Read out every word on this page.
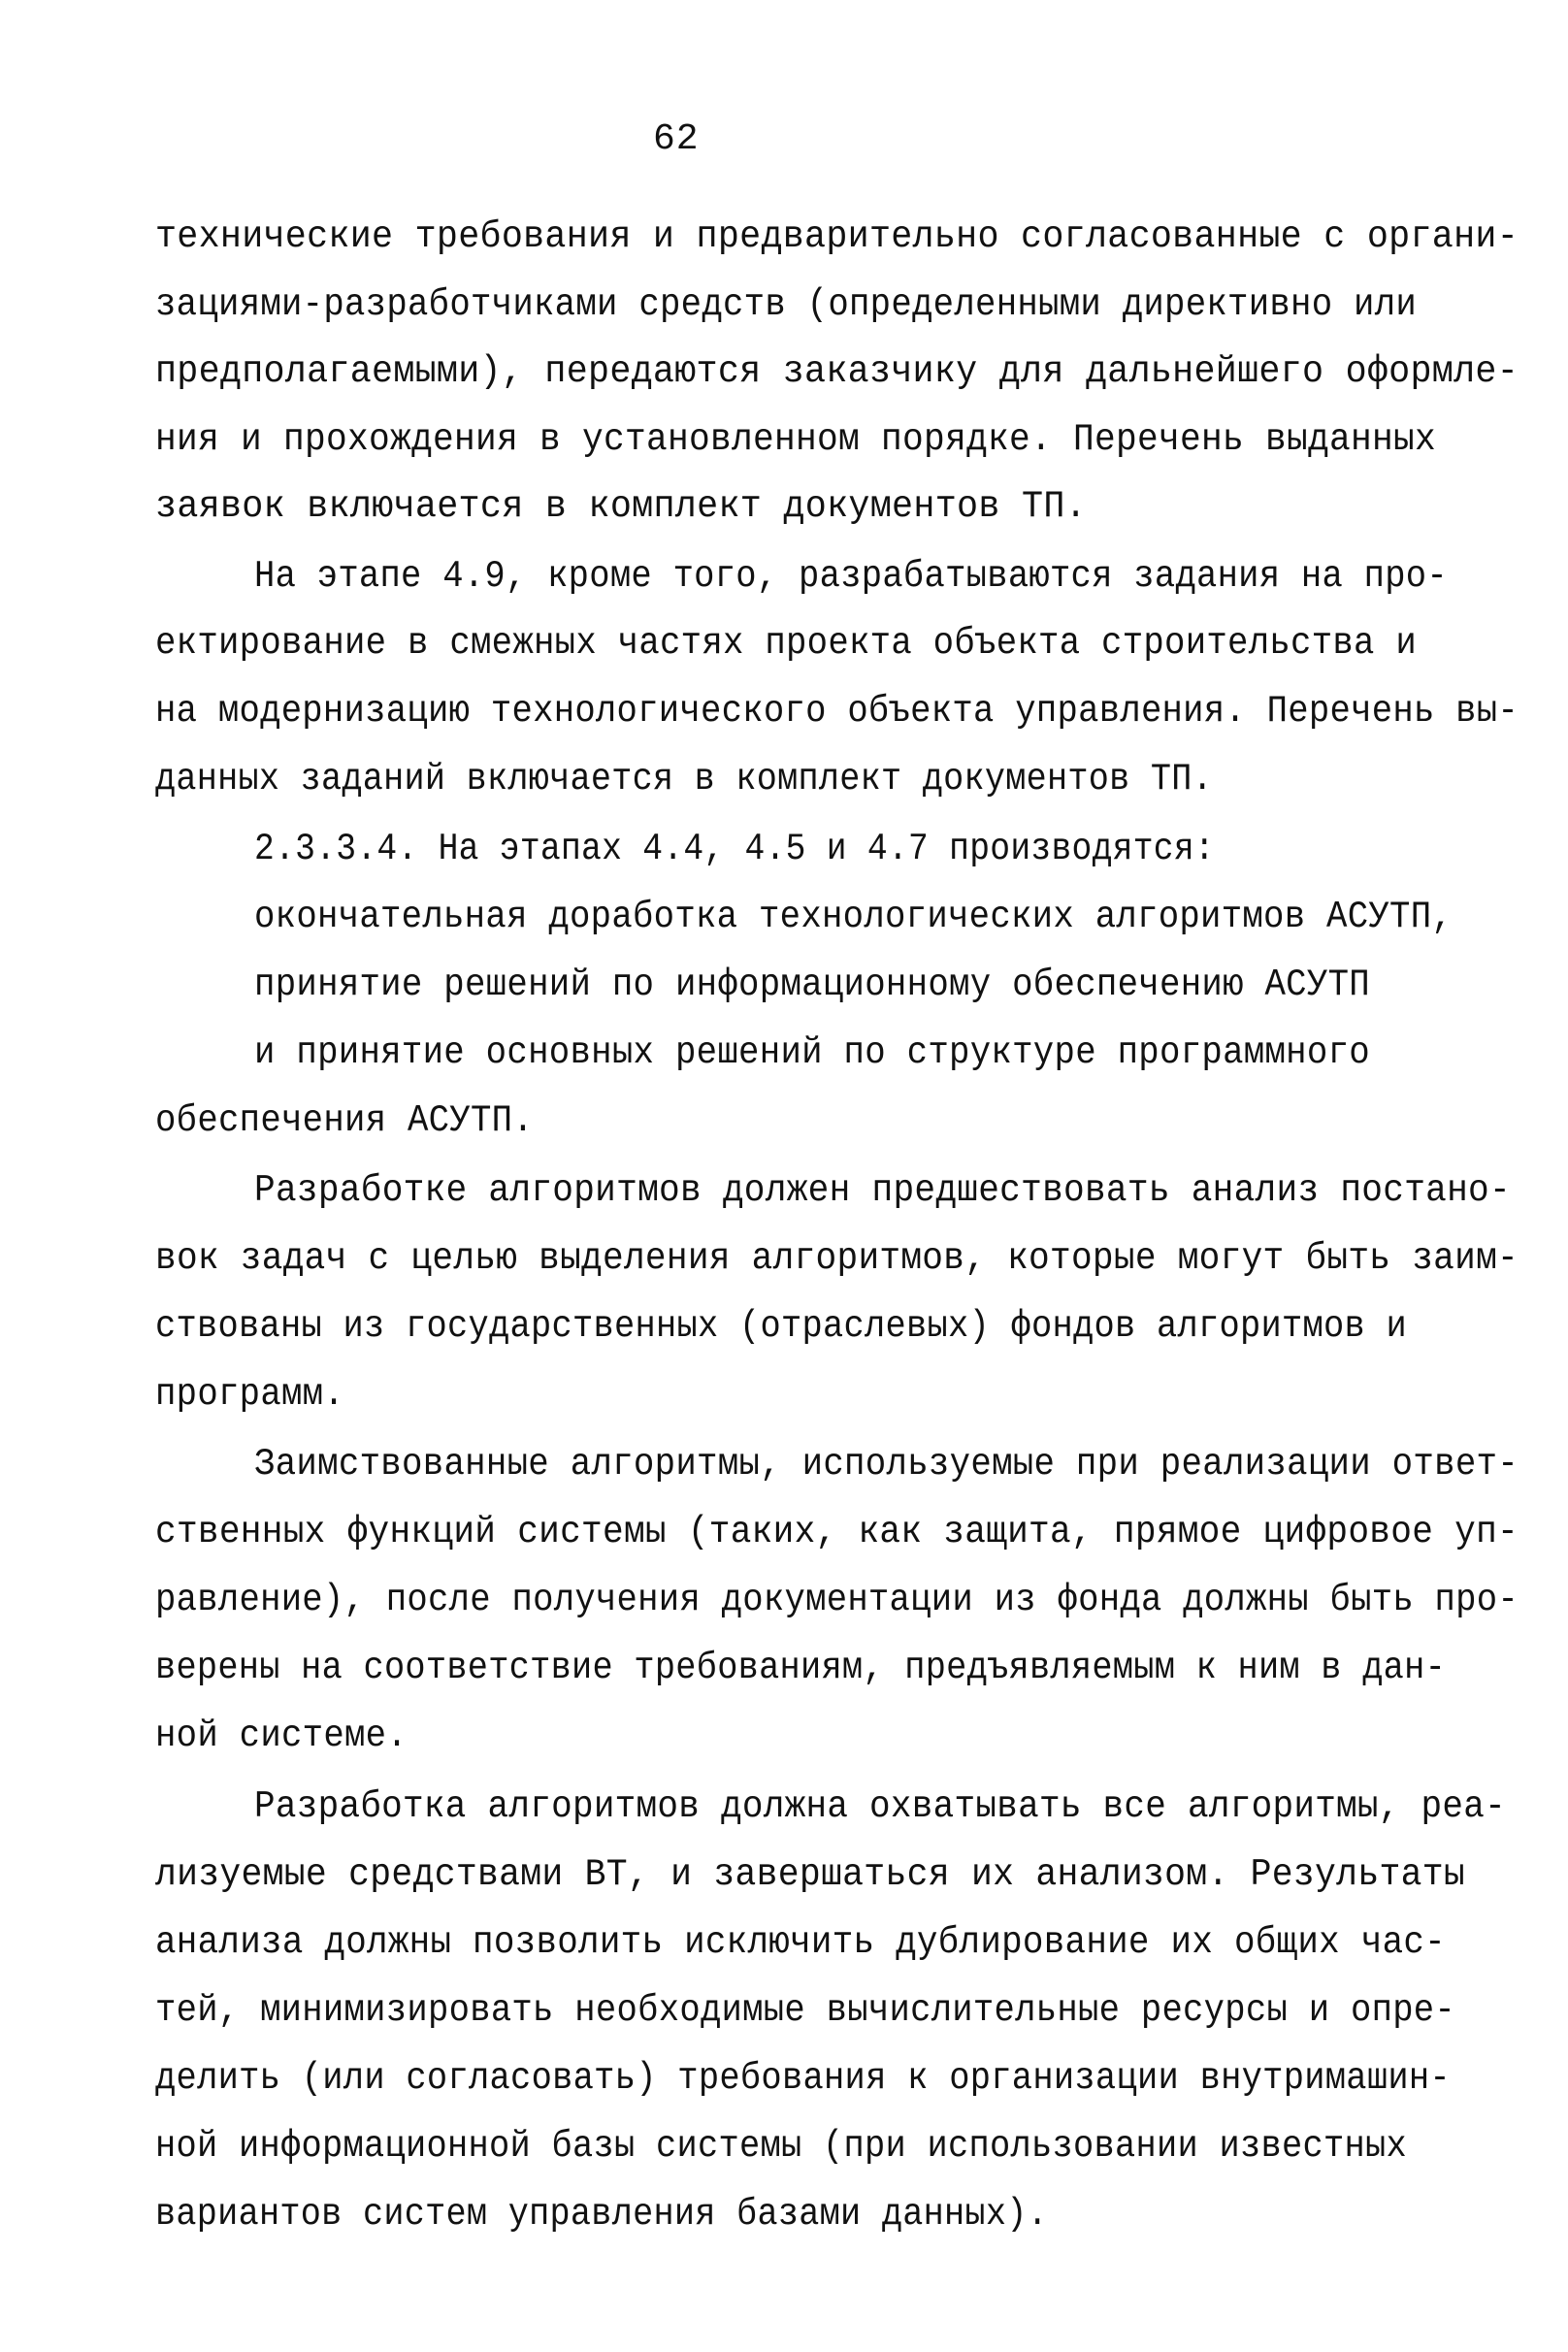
62
технические требования и предварительно согласованные с органи-
зациями-разработчиками средств (определенными директивно или
предполагаемыми), передаются заказчику для дальнейшего оформле-
ния и прохождения в установленном порядке. Перечень выданных
заявок включается в комплект документов ТП.
На этапе 4.9, кроме того, разрабатываются задания на про-
ектирование в смежных частях проекта объекта строительства и
на модернизацию технологического объекта управления. Перечень вы-
данных заданий включается в комплект документов ТП.
2.3.3.4. На этапах 4.4, 4.5 и 4.7 производятся:
окончательная доработка технологических алгоритмов АСУТП,
принятие решений по информационному обеспечению АСУТП
и принятие основных решений по структуре программного
обеспечения АСУТП.
Разработке алгоритмов должен предшествовать анализ постано-
вок задач с целью выделения алгоритмов, которые могут быть заим-
ствованы из государственных (отраслевых) фондов алгоритмов и
программ.
Заимствованные алгоритмы, используемые при реализации ответ-
ственных функций системы (таких, как защита, прямое цифровое уп-
равление), после получения документации из фонда должны быть про-
верены на соответствие требованиям, предъявляемым к ним в дан-
ной системе.
Разработка алгоритмов должна охватывать все алгоритмы, реа-
лизуемые средствами ВТ, и завершаться их анализом. Результаты
анализа должны позволить исключить дублирование их общих час-
тей, минимизировать необходимые вычислительные ресурсы и опре-
делить (или согласовать) требования к организации внутримашин-
ной информационной базы системы (при использовании известных
вариантов систем управления базами данных).
